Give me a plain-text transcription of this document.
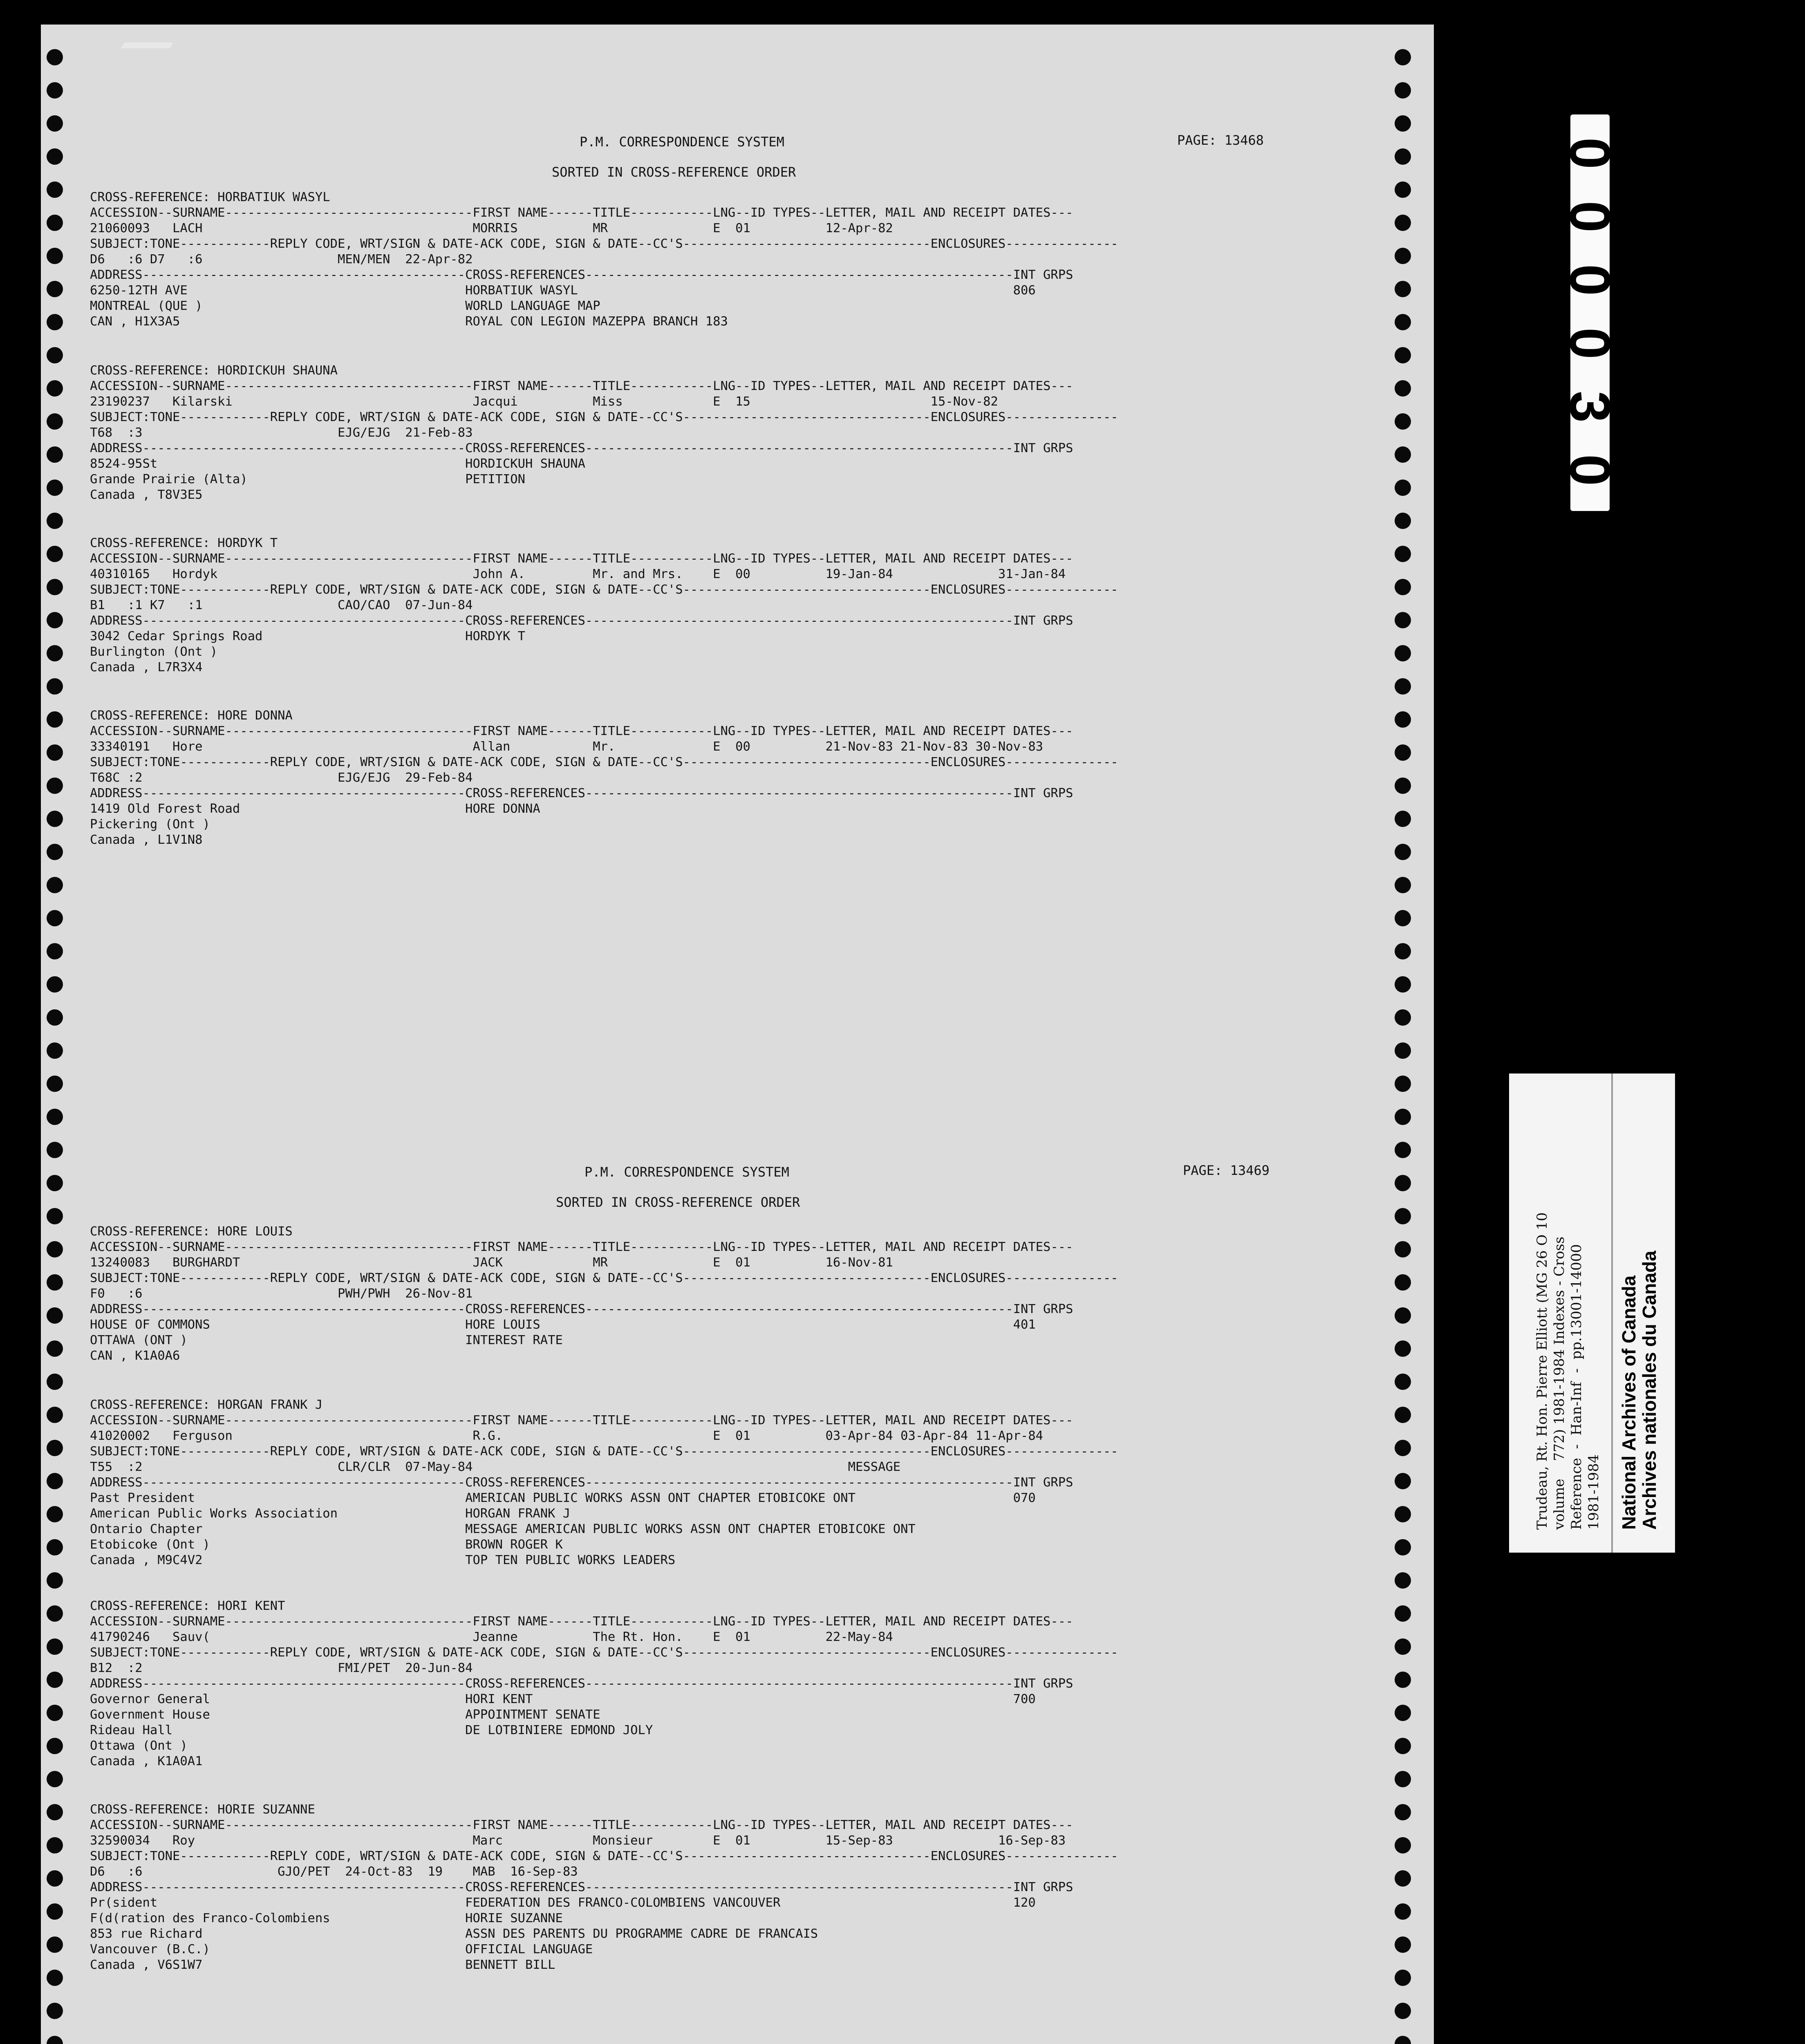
P.M. CORRESPONDENCE SYSTEM	PAGE: 13468
SORTED IN CROSS-REFERENCE ORDER

CROSS-REFERENCE: HORBATIUK WASYL

ACCESSION--SURNAME---------------------------------FIRST NAME------TITLE-----------LNG--ID TYPES--LETTER, MAIL AND RECEIPT DATES---

21060093   LACH                                    MORRIS          MR              E  01          12-Apr-82

SUBJECT:TONE------------REPLY CODE, WRT/SIGN & DATE-ACK CODE, SIGN & DATE--CC'S---------------------------------ENCLOSURES---------------

D6   :6 D7   :6                  MEN/MEN  22-Apr-82

ADDRESS-------------------------------------------CROSS-REFERENCES---------------------------------------------------------INT GRPS

6250-12TH AVE                                     HORBATIUK WASYL                                                          806

MONTREAL (QUE )                                   WORLD LANGUAGE MAP

CAN , H1X3A5                                      ROYAL CON LEGION MAZEPPA BRANCH 183

CROSS-REFERENCE: HORDICKUH SHAUNA

ACCESSION--SURNAME---------------------------------FIRST NAME------TITLE-----------LNG--ID TYPES--LETTER, MAIL AND RECEIPT DATES---

23190237   Kilarski                                Jacqui          Miss            E  15                        15-Nov-82

SUBJECT:TONE------------REPLY CODE, WRT/SIGN & DATE-ACK CODE, SIGN & DATE--CC'S---------------------------------ENCLOSURES---------------

T68  :3                          EJG/EJG  21-Feb-83

ADDRESS-------------------------------------------CROSS-REFERENCES---------------------------------------------------------INT GRPS

8524-95St                                         HORDICKUH SHAUNA

Grande Prairie (Alta)                             PETITION

Canada , T8V3E5

CROSS-REFERENCE: HORDYK T

ACCESSION--SURNAME---------------------------------FIRST NAME------TITLE-----------LNG--ID TYPES--LETTER, MAIL AND RECEIPT DATES---

40310165   Hordyk                                  John A.         Mr. and Mrs.    E  00          19-Jan-84              31-Jan-84

SUBJECT:TONE------------REPLY CODE, WRT/SIGN & DATE-ACK CODE, SIGN & DATE--CC'S---------------------------------ENCLOSURES---------------

B1   :1 K7   :1                  CAO/CAO  07-Jun-84

ADDRESS-------------------------------------------CROSS-REFERENCES---------------------------------------------------------INT GRPS

3042 Cedar Springs Road                           HORDYK T

Burlington (Ont )

Canada , L7R3X4

CROSS-REFERENCE: HORE DONNA

ACCESSION--SURNAME---------------------------------FIRST NAME------TITLE-----------LNG--ID TYPES--LETTER, MAIL AND RECEIPT DATES---

33340191   Hore                                    Allan           Mr.             E  00          21-Nov-83 21-Nov-83 30-Nov-83

SUBJECT:TONE------------REPLY CODE, WRT/SIGN & DATE-ACK CODE, SIGN & DATE--CC'S---------------------------------ENCLOSURES---------------

T68C :2                          EJG/EJG  29-Feb-84

ADDRESS-------------------------------------------CROSS-REFERENCES---------------------------------------------------------INT GRPS

1419 Old Forest Road                              HORE DONNA

Pickering (Ont )

Canada , L1V1N8

P.M. CORRESPONDENCE SYSTEM	PAGE: 13469
SORTED IN CROSS-REFERENCE ORDER

CROSS-REFERENCE: HORE LOUIS

ACCESSION--SURNAME---------------------------------FIRST NAME------TITLE-----------LNG--ID TYPES--LETTER, MAIL AND RECEIPT DATES---

13240083   BURGHARDT                               JACK            MR              E  01          16-Nov-81

SUBJECT:TONE------------REPLY CODE, WRT/SIGN & DATE-ACK CODE, SIGN & DATE--CC'S---------------------------------ENCLOSURES---------------

F0   :6                          PWH/PWH  26-Nov-81

ADDRESS-------------------------------------------CROSS-REFERENCES---------------------------------------------------------INT GRPS

HOUSE OF COMMONS                                  HORE LOUIS                                                               401

OTTAWA (ONT )                                     INTEREST RATE

CAN , K1A0A6

CROSS-REFERENCE: HORGAN FRANK J

ACCESSION--SURNAME---------------------------------FIRST NAME------TITLE-----------LNG--ID TYPES--LETTER, MAIL AND RECEIPT DATES---

41020002   Ferguson                                R.G.                            E  01          03-Apr-84 03-Apr-84 11-Apr-84

SUBJECT:TONE------------REPLY CODE, WRT/SIGN & DATE-ACK CODE, SIGN & DATE--CC'S---------------------------------ENCLOSURES---------------

T55  :2                          CLR/CLR  07-May-84                                                  MESSAGE

ADDRESS-------------------------------------------CROSS-REFERENCES---------------------------------------------------------INT GRPS

Past President                                    AMERICAN PUBLIC WORKS ASSN ONT CHAPTER ETOBICOKE ONT                     070

American Public Works Association                 HORGAN FRANK J

Ontario Chapter                                   MESSAGE AMERICAN PUBLIC WORKS ASSN ONT CHAPTER ETOBICOKE ONT

Etobicoke (Ont )                                  BROWN ROGER K

Canada , M9C4V2                                   TOP TEN PUBLIC WORKS LEADERS

CROSS-REFERENCE: HORI KENT

ACCESSION--SURNAME---------------------------------FIRST NAME------TITLE-----------LNG--ID TYPES--LETTER, MAIL AND RECEIPT DATES---

41790246   Sauv(                                   Jeanne          The Rt. Hon.    E  01          22-May-84

SUBJECT:TONE------------REPLY CODE, WRT/SIGN & DATE-ACK CODE, SIGN & DATE--CC'S---------------------------------ENCLOSURES---------------

B12  :2                          FMI/PET  20-Jun-84

ADDRESS-------------------------------------------CROSS-REFERENCES---------------------------------------------------------INT GRPS

Governor General                                  HORI KENT                                                                700

Government House                                  APPOINTMENT SENATE

Rideau Hall                                       DE LOTBINIERE EDMOND JOLY

Ottawa (Ont )

Canada , K1A0A1

CROSS-REFERENCE: HORIE SUZANNE

ACCESSION--SURNAME---------------------------------FIRST NAME------TITLE-----------LNG--ID TYPES--LETTER, MAIL AND RECEIPT DATES---

32590034   Roy                                     Marc            Monsieur        E  01          15-Sep-83              16-Sep-83

SUBJECT:TONE------------REPLY CODE, WRT/SIGN & DATE-ACK CODE, SIGN & DATE--CC'S---------------------------------ENCLOSURES---------------

D6   :6                  GJO/PET  24-Oct-83  19    MAB  16-Sep-83

ADDRESS-------------------------------------------CROSS-REFERENCES---------------------------------------------------------INT GRPS

Pr(sident                                         FEDERATION DES FRANCO-COLOMBIENS VANCOUVER                               120

F(d(ration des Franco-Colombiens                  HORIE SUZANNE

853 rue Richard                                   ASSN DES PARENTS DU PROGRAMME CADRE DE FRANCAIS

Vancouver (B.C.)                                  OFFICIAL LANGUAGE

Canada , V6S1W7                                   BENNETT BILL

0
0
0
0
3
0
Trudeau, Rt. Hon. Pierre Elliott (MG 26 O 10 volume    772) 1981-1984 Indexes - Cross Reference  -  Han-Inf  -  pp.13001-14000 1981-1984 National Archives of Canada
Archives nationales du Canada
